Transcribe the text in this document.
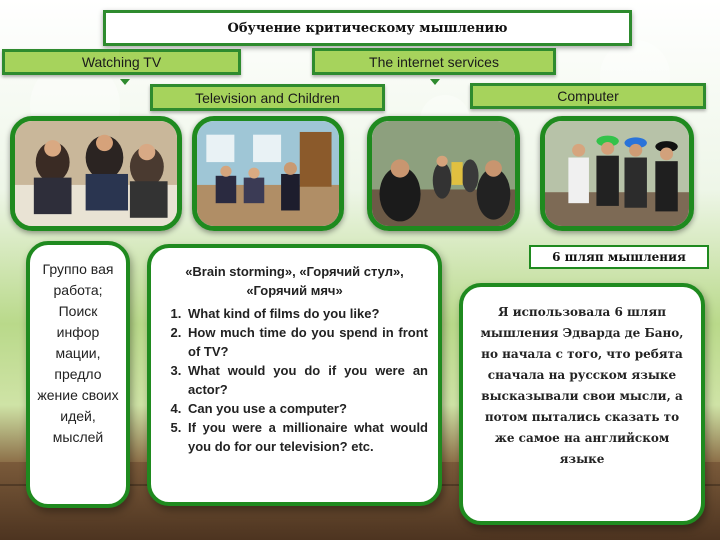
Обучение критическому мышлению
Watching TV	The internet services
Television and Children	Computer
Группо вая работа; Поиск инфор мации, предло жение своих идей, мыслей
«Brain storming», «Горячий стул», «Горячий мяч»
1. What kind of films do you like?
2. How much time do you spend in front of TV?
3. What would you do if you were an actor?
4. Can you use a computer?
5. If you were a millionaire what would you do for our television? etc.
6 шляп мышления
Я использовала 6 шляп мышления Эдварда де Бано, но начала с того, что ребята сначала на русском языке высказывали свои мысли, а потом пытались сказать то же самое на английском языке
